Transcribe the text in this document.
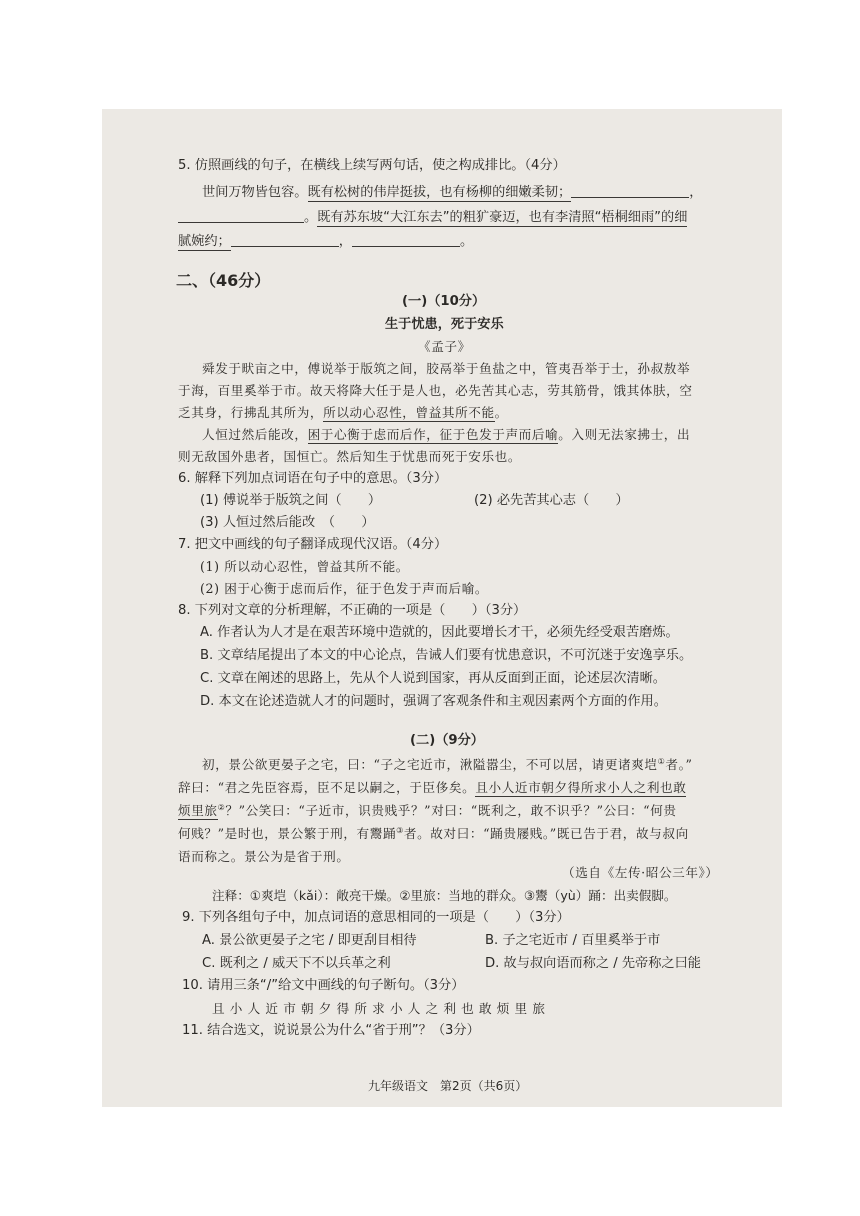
5. 仿照画线的句子，在横线上续写两句话，使之构成排比。（4分）
世间万物皆包容。既有松树的伟岸挺拔，也有杨柳的细嫩柔韧；	，
。既有苏东坡“大江东去”的粗犷豪迈，也有李清照“梧桐细雨”的细
腻婉约；	，	。
二、（46分）
(一)（10分）
生于忧患，死于安乐
《孟子》
舜发于畎亩之中，傅说举于版筑之间，胶鬲举于鱼盐之中，管夷吾举于士，孙叔敖举
于海，百里奚举于市。故天将降大任于是人也，必先苦其心志，劳其筋骨，饿其体肤，空
乏其身，行拂乱其所为，所以动心忍性，曾益其所不能。
人恒过然后能改，困于心衡于虑而后作，征于色发于声而后喻。入则无法家拂士，出
则无敌国外患者，国恒亡。然后知生于忧患而死于安乐也。
6. 解释下列加点词语在句子中的意思。（3分）
(1) 傅说举于版筑之间（　　）	(2) 必先苦其心志（　　）
(3) 人恒过然后能改　（　　）
7. 把文中画线的句子翻译成现代汉语。（4分）
(1) 所以动心忍性，曾益其所不能。
(2) 困于心衡于虑而后作，征于色发于声而后喻。
8. 下列对文章的分析理解，不正确的一项是（　　）（3分）
A. 作者认为人才是在艰苦环境中造就的，因此要增长才干，必须先经受艰苦磨炼。
B. 文章结尾提出了本文的中心论点，告诫人们要有忧患意识，不可沉迷于安逸享乐。
C. 文章在阐述的思路上，先从个人说到国家，再从反面到正面，论述层次清晰。
D. 本文在论述造就人才的问题时，强调了客观条件和主观因素两个方面的作用。
(二)（9分）
初，景公欲更晏子之宅，曰：“子之宅近市，湫隘嚣尘，不可以居，请更诸爽垲①者。”
辞曰：“君之先臣容焉，臣不足以嗣之，于臣侈矣。且小人近市朝夕得所求小人之利也敢
烦里旅②？”公笑曰：“子近市，识贵贱乎？”对曰：“既利之，敢不识乎？”公曰：“何贵
何贱？”是时也，景公繁于刑，有鬻踊③者。故对曰：“踊贵屦贱。”既已告于君，故与叔向
语而称之。景公为是省于刑。
（选自《左传·昭公三年》）
注释：①爽垲（kǎi）：敞亮干燥。②里旅：当地的群众。③鬻（yù）踊：出卖假脚。
9. 下列各组句子中，加点词语的意思相同的一项是（　　）（3分）
A. 景公欲更晏子之宅 / 即更刮目相待	B. 子之宅近市 / 百里奚举于市
C. 既利之 / 威天下不以兵革之利	D. 故与叔向语而称之 / 先帝称之曰能
10. 请用三条“/”给文中画线的句子断句。（3分）
且 小 人 近 市 朝 夕 得 所 求 小 人 之 利 也 敢 烦 里 旅
11. 结合选文，说说景公为什么“省于刑”？（3分）
九年级语文　第2页（共6页）
